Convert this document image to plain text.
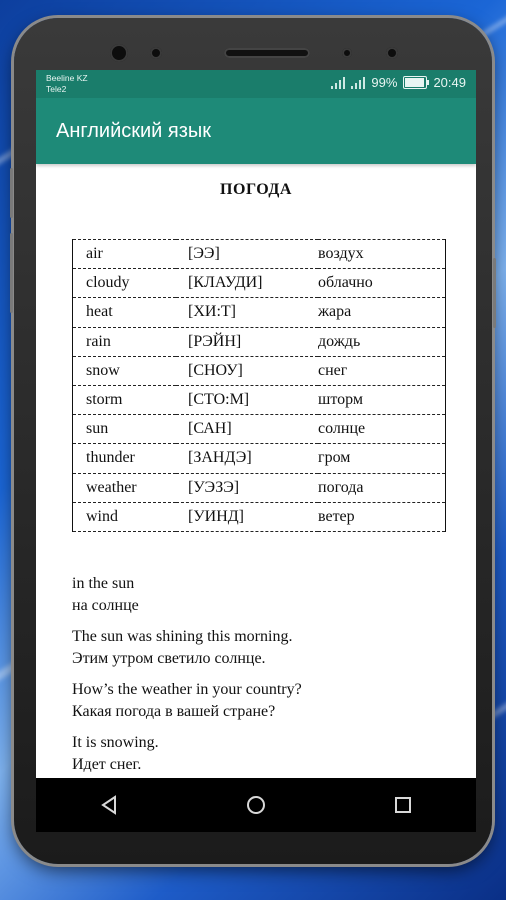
Beeline KZ
Tele2	99%	20:49
Английский язык
ПОГОДА
air	[ЭЭ]	воздух
cloudy	[КЛАУДИ]	облачно
heat	[ХИ:Т]	жара
rain	[РЭЙН]	дождь
snow	[СНОУ]	снег
storm	[СТО:М]	шторм
sun	[САН]	солнце
thunder	[ЗАНДЭ]	гром
weather	[УЭЗЭ]	погода
wind	[УИНД]	ветер
in the sun
на солнце
The sun was shining this morning.
Этим утром светило солнце.
How’s the weather in your country?
Какая погода в вашей стране?
It is snowing.
Идет снег.
